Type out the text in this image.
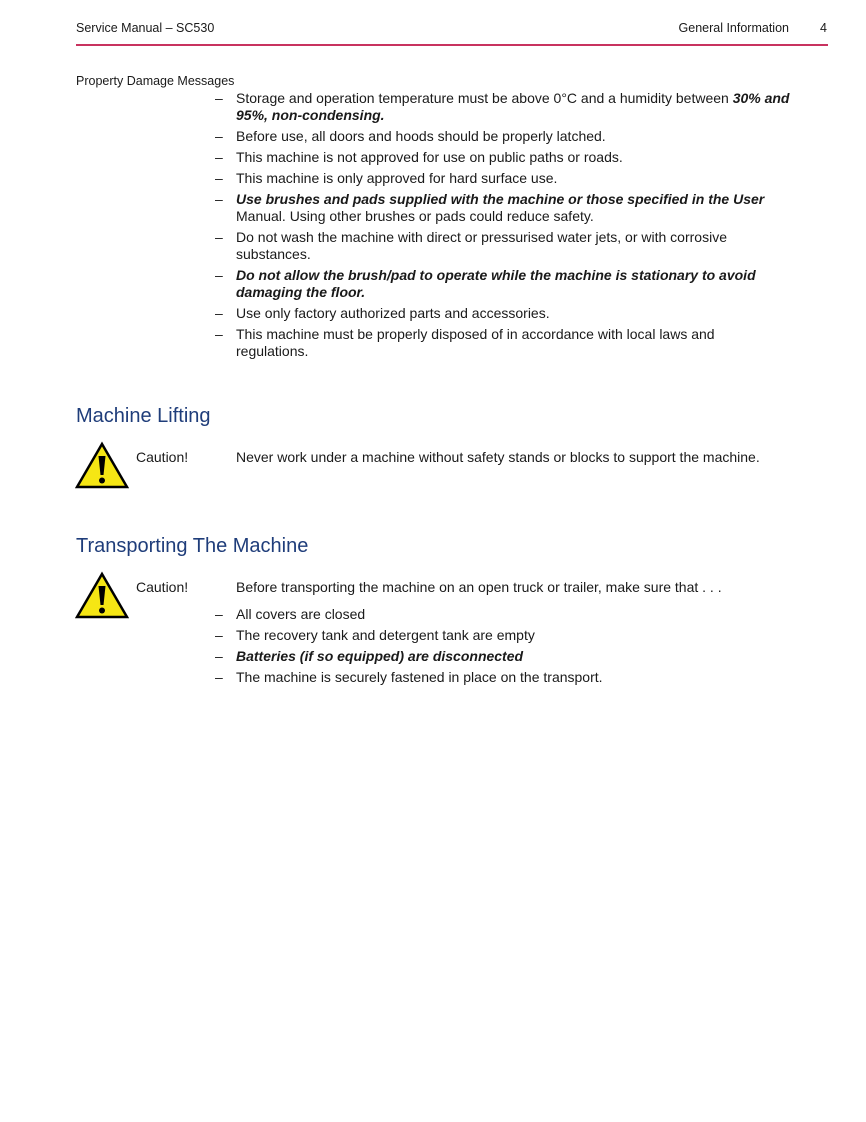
Service Manual – SC530	General Information 4
Property Damage Messages
– Storage and operation temperature must be above 0°C and a humidity between 30% and 95%, non-condensing.
– Before use, all doors and hoods should be properly latched.
– This machine is not approved for use on public paths or roads.
– This machine is only approved for hard surface use.
– Use brushes and pads supplied with the machine or those specified in the User Manual. Using other brushes or pads could reduce safety.
– Do not wash the machine with direct or pressurised water jets, or with corrosive substances.
– Do not allow the brush/pad to operate while the machine is stationary to avoid damaging the floor.
– Use only factory authorized parts and accessories.
– This machine must be properly disposed of in accordance with local laws and regulations.
Machine Lifting
Caution!	Never work under a machine without safety stands or blocks to support the machine.
Transporting The Machine
Caution!	Before transporting the machine on an open truck or trailer, make sure that . . .
– All covers are closed
– The recovery tank and detergent tank are empty
– Batteries (if so equipped) are disconnected
– The machine is securely fastened in place on the transport.
